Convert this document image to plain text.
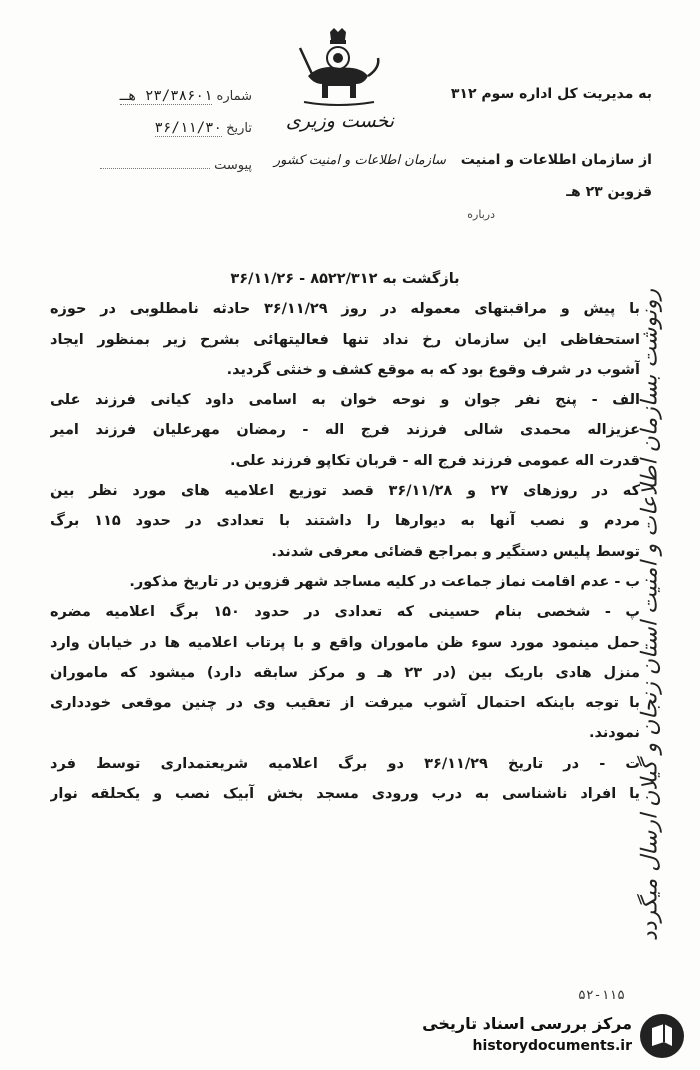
نخست وزیری
شماره ۲۳/۳۸۶۰۱ هـ
تاریخ ۳۶/۱۱/۳۰
پیوست
به مدیریت کل اداره سوم ۳۱۲
از سازمان اطلاعات و امنیت سازمان اطلاعات و امنیت کشور
قزوین ۲۳ هـ
درباره
بازگشت به ۸۵۲۲/۳۱۲ - ۳۶/۱۱/۲۶
با پیش و مراقبتهای معموله در روز ۳۶/۱۱/۲۹ حادثه نامطلوبی در حوزه
استحفاظی این سازمان رخ نداد تنها فعالیتهائی بشرح زیر بمنظور ایجاد
آشوب در شرف وقوع بود که به موقع کشف و خنثی گردید.
الف - پنج نفر جوان و نوحه خوان به اسامی داود کیانی فرزند علی
عزیزاله محمدی شالی فرزند فرج اله - رمضان مهرعلیان فرزند امیر
قدرت اله عمومی فرزند فرج اله - قربان تکاپو فرزند علی.
که در روزهای ۲۷ و ۳۶/۱۱/۲۸ قصد توزیع اعلامیه های مورد نظر بین
مردم و نصب آنها به دیوارها را داشتند با تعدادی در حدود ۱۱۵ برگ
توسط پلیس دستگیر و بمراجع قضائی معرفی شدند.
ب - عدم اقامت نماز جماعت در کلیه مساجد شهر قزوین در تاریخ مذکور.
پ - شخصی بنام حسینی که تعدادی در حدود ۱۵۰ برگ اعلامیه مضره
حمل مینمود مورد سوء ظن ماموران واقع و با پرتاب اعلامیه ها در خیابان وارد
منزل هادی باریک بین (در ۲۳ هـ و مرکز سابقه دارد) میشود که ماموران
با توجه باینکه احتمال آشوب میرفت از تعقیب وی در چنین موقعی خودداری
نمودند.
ت - در تاریخ ۳۶/۱۱/۲۹ دو برگ اعلامیه شریعتمداری توسط فرد
یا افراد ناشناسی به درب ورودی مسجد بخش آبیک نصب و یکحلقه نوار
رونوشت بسازمان اطلاعات و امنیت استان زنجان و گیلان ارسال میگردد
۵۲-۱۱۵
مرکز بررسی اسناد تاریخی
historydocuments.ir
